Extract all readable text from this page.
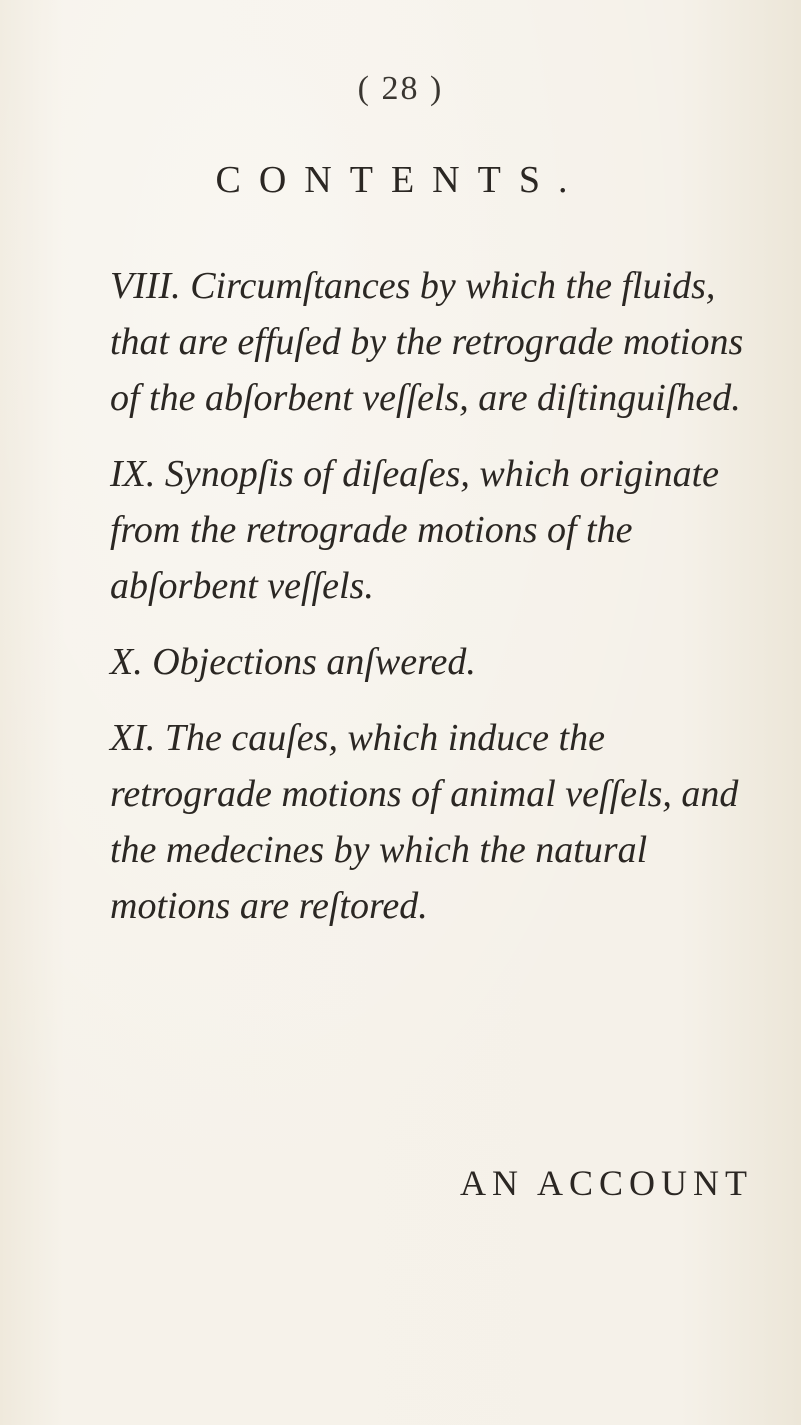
( 28 )
CONTENTS.

VIII. Circumſtances by which the fluids, that are effuſed by the retrograde motions of the abſorbent veſſels, are diſtinguiſhed.

IX. Synopſis of diſeaſes, which originate from the retrograde motions of the abſorbent veſſels.

X. Objections anſwered.

XI. The cauſes, which induce the retrograde motions of animal veſſels, and the medecines by which the natural motions are reſtored.

AN ACCOUNT
